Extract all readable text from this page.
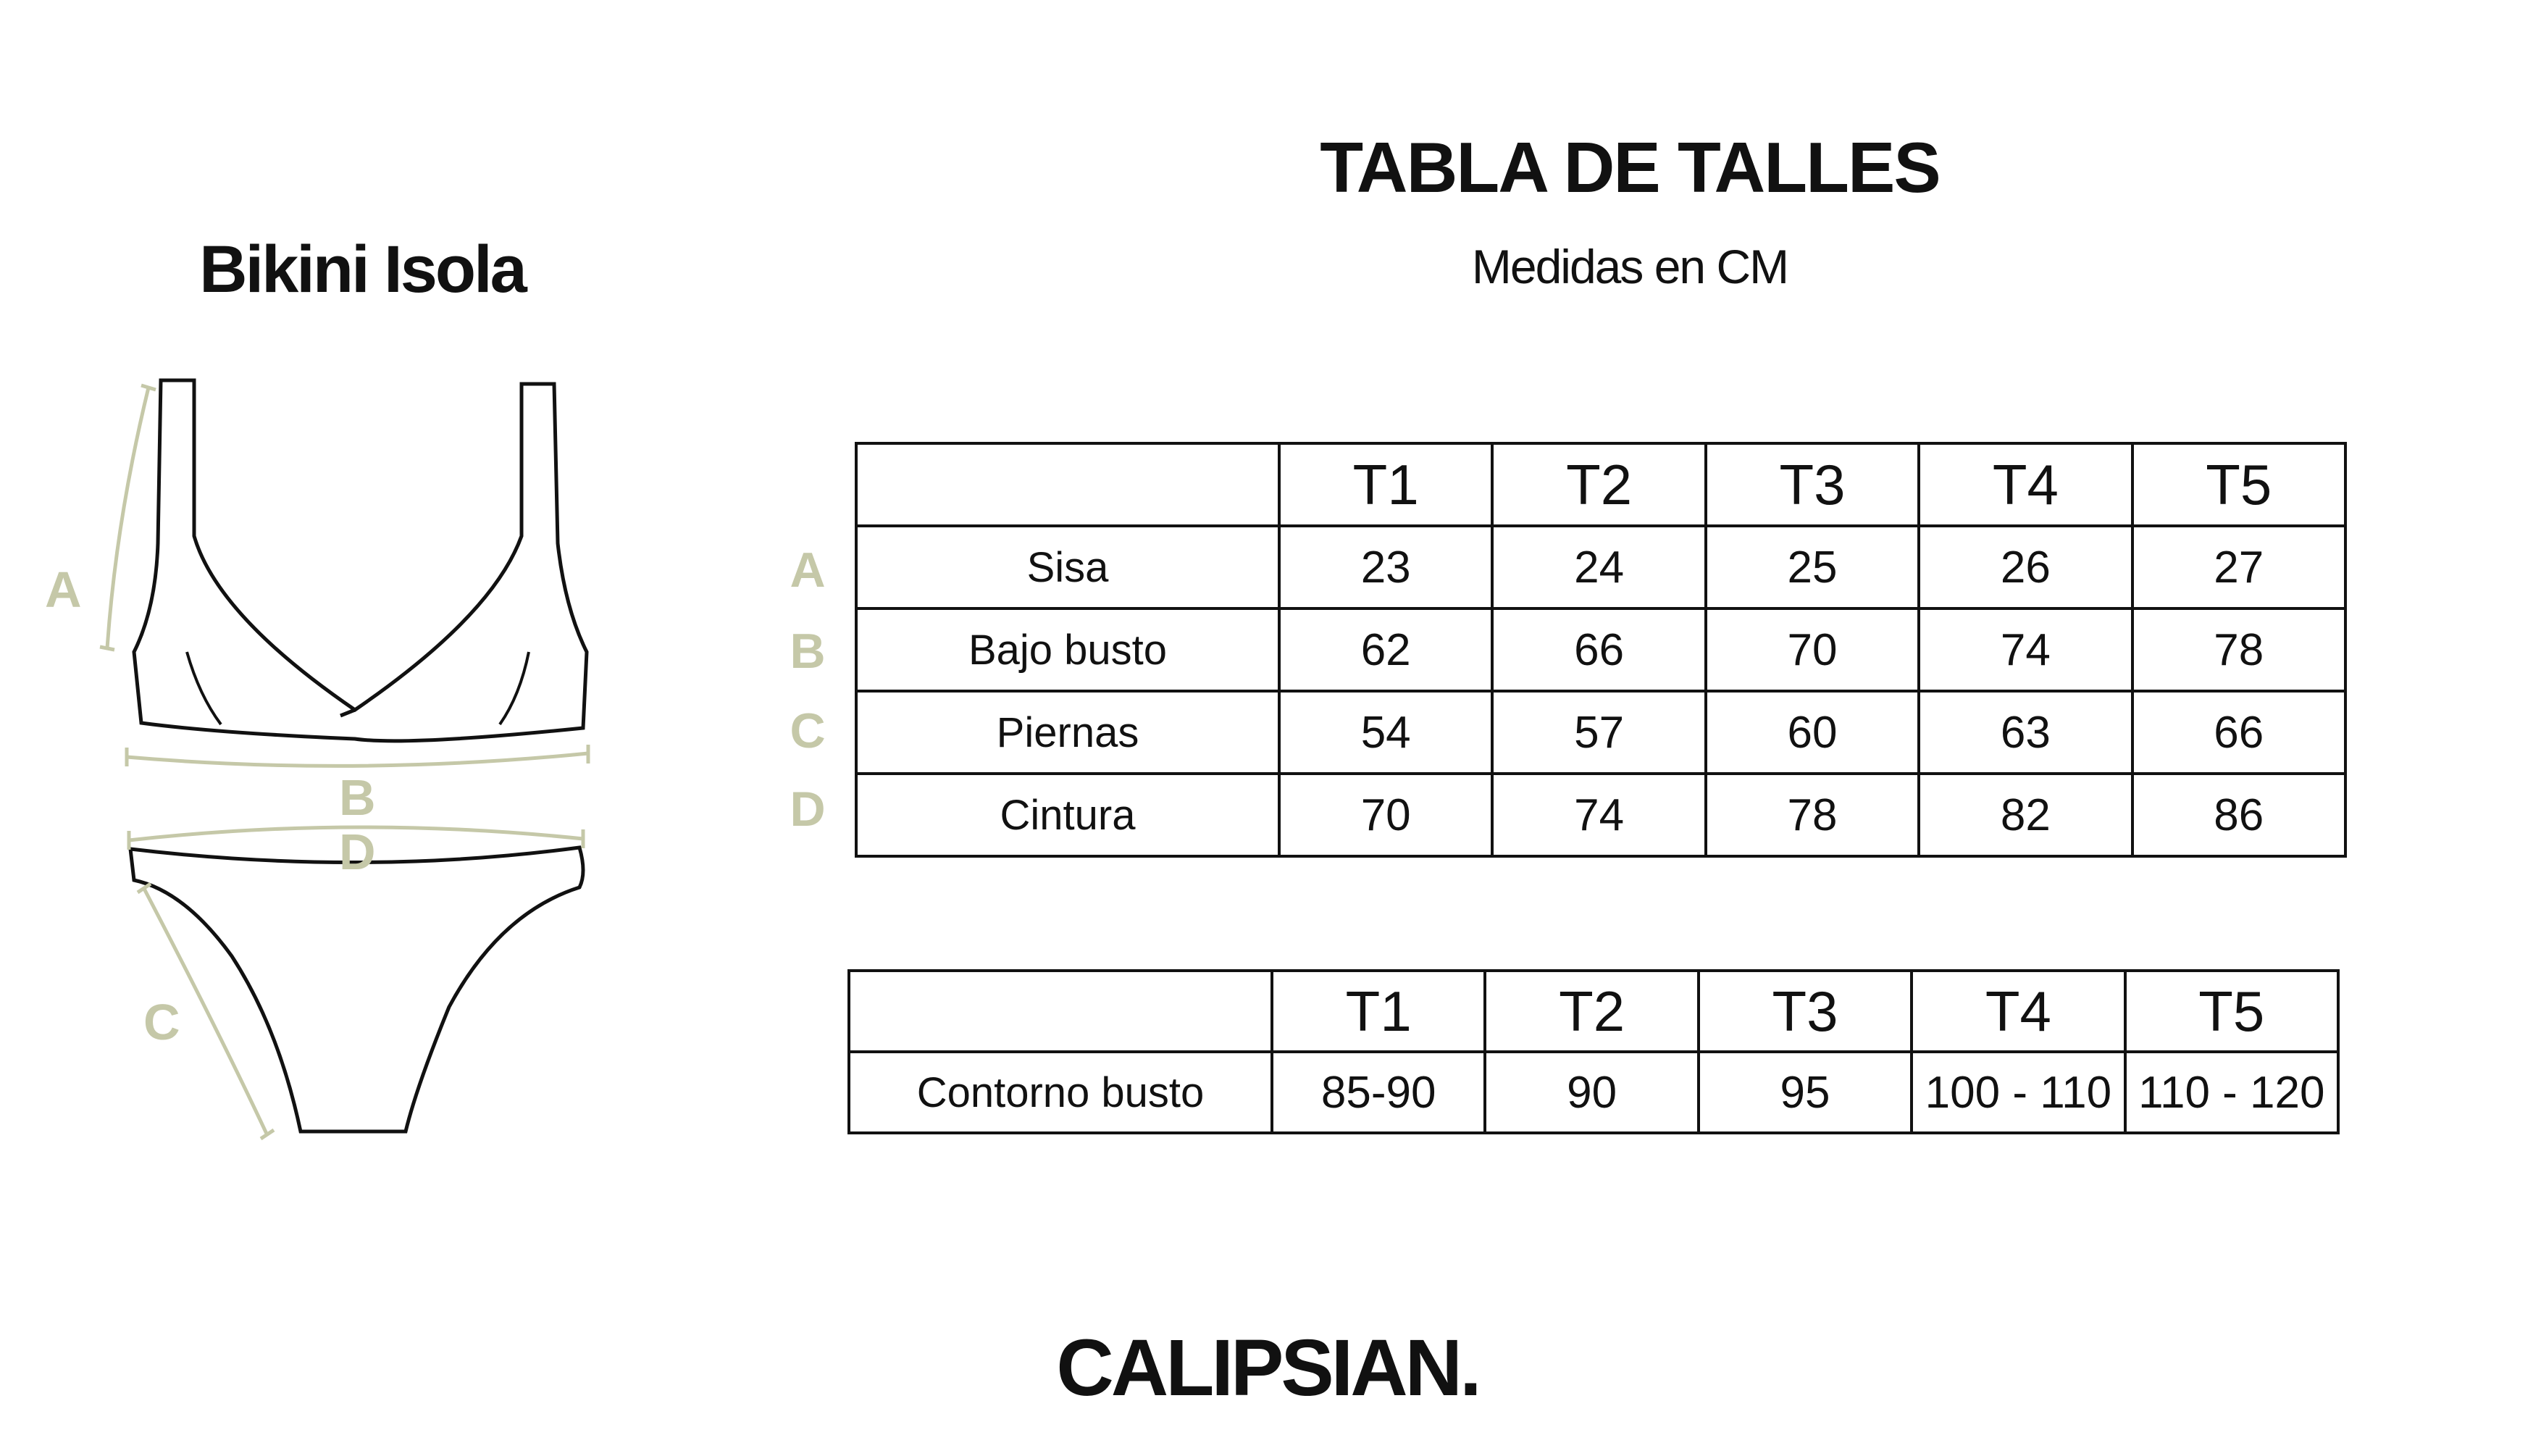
Bikini Isola
A
B
C
D
TABLA DE TALLES
Medidas en CM
A
B
C
D
	T1	T2	T3	T4	T5
Sisa	23	24	25	26	27
Bajo busto	62	66	70	74	78
Piernas	54	57	60	63	66
Cintura	70	74	78	82	86
	T1	T2	T3	T4	T5
Contorno busto	85-90	90	95	100 - 110	110 - 120
CALIPSIAN.
